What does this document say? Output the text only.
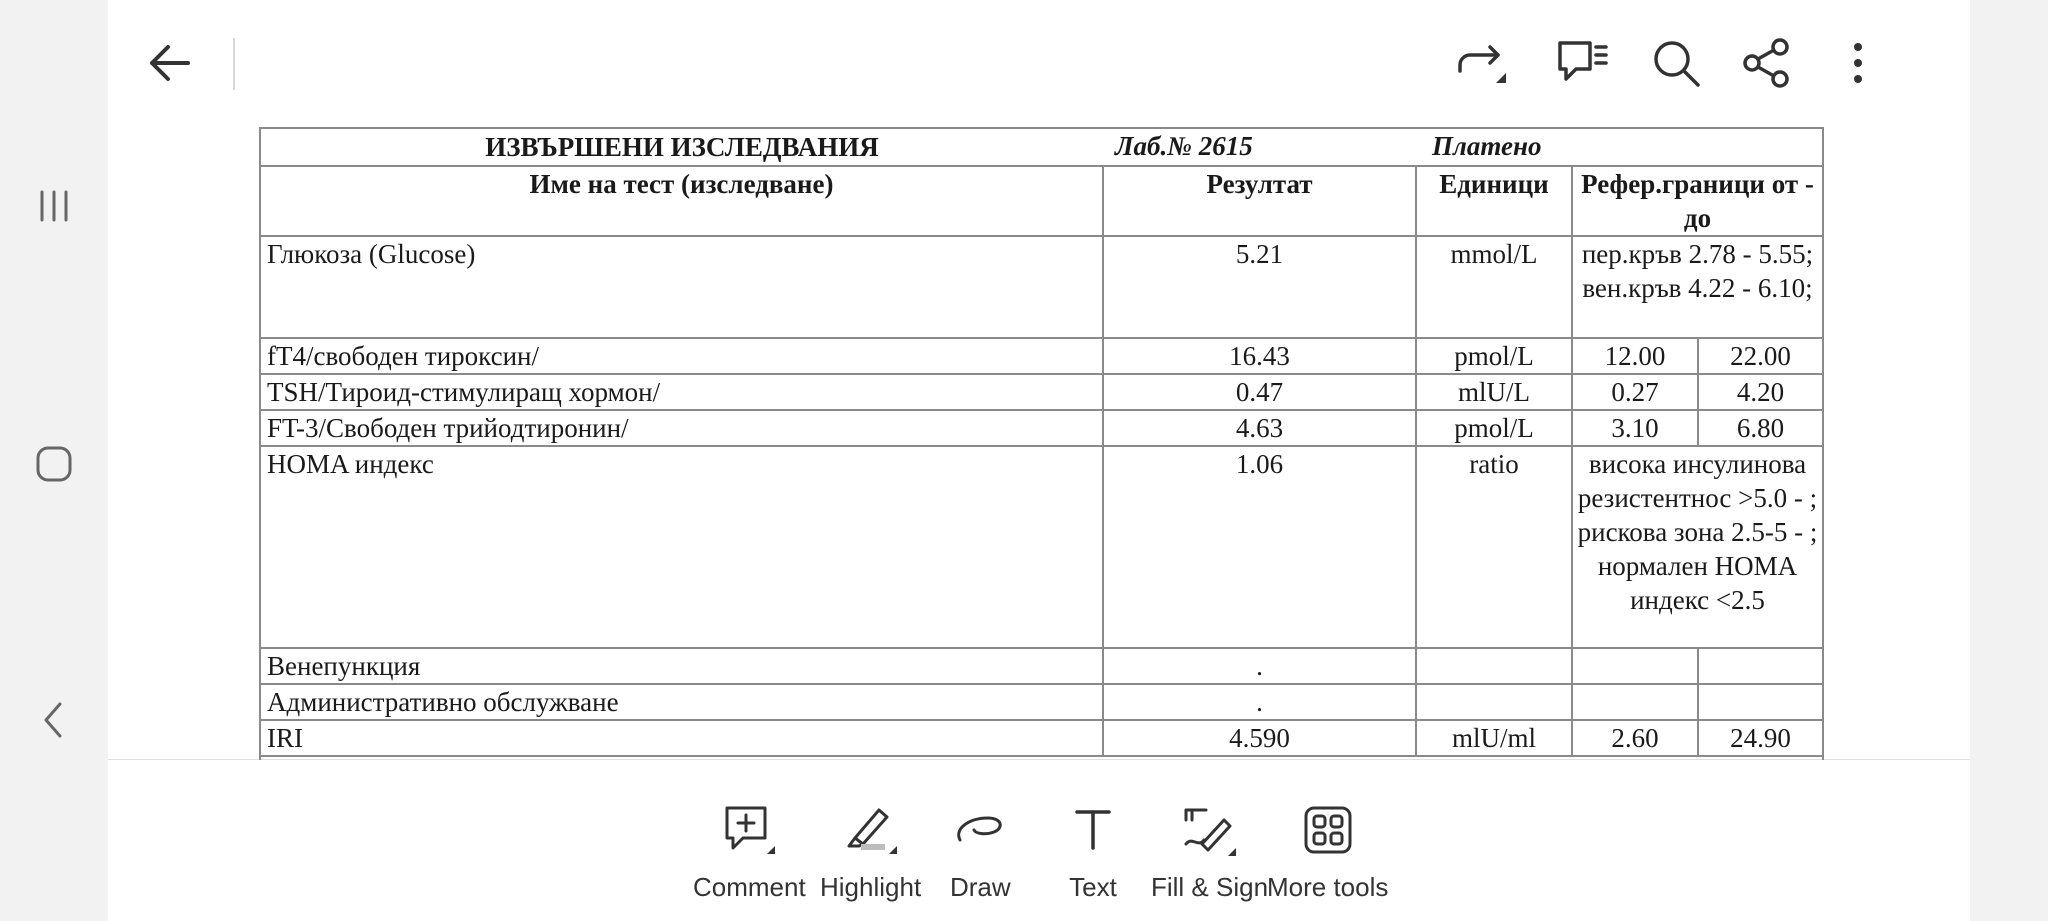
ИЗВЪРШЕНИ ИЗСЛЕДВАНИЯ	Лаб.№ 2615	Платено		
Име на тест (изследване)	Резултат	Единици	Рефер.граници от - до	
Глюкоза (Glucose)	5.21	mmol/L	пер.кръв 2.78 - 5.55; вен.кръв 4.22 - 6.10;	
fT4/свободен тироксин/	16.43	pmol/L	12.00	22.00
TSH/Тироид-стимулиращ хормон/	0.47	mlU/L	0.27	4.20
FT-3/Свободен трийодтиронин/	4.63	pmol/L	3.10	6.80
HOMA индекс	1.06	ratio	висока инсулинова резистентнос >5.0 - ; рискова зона 2.5-5 - ; нормален HOMA индекс <2.5	
Венепункция	.			
Административно обслужване	.			
IRI	4.590	mlU/ml	2.60	24.90

Comment Highlight Draw Text Fill & Sign
More tools
